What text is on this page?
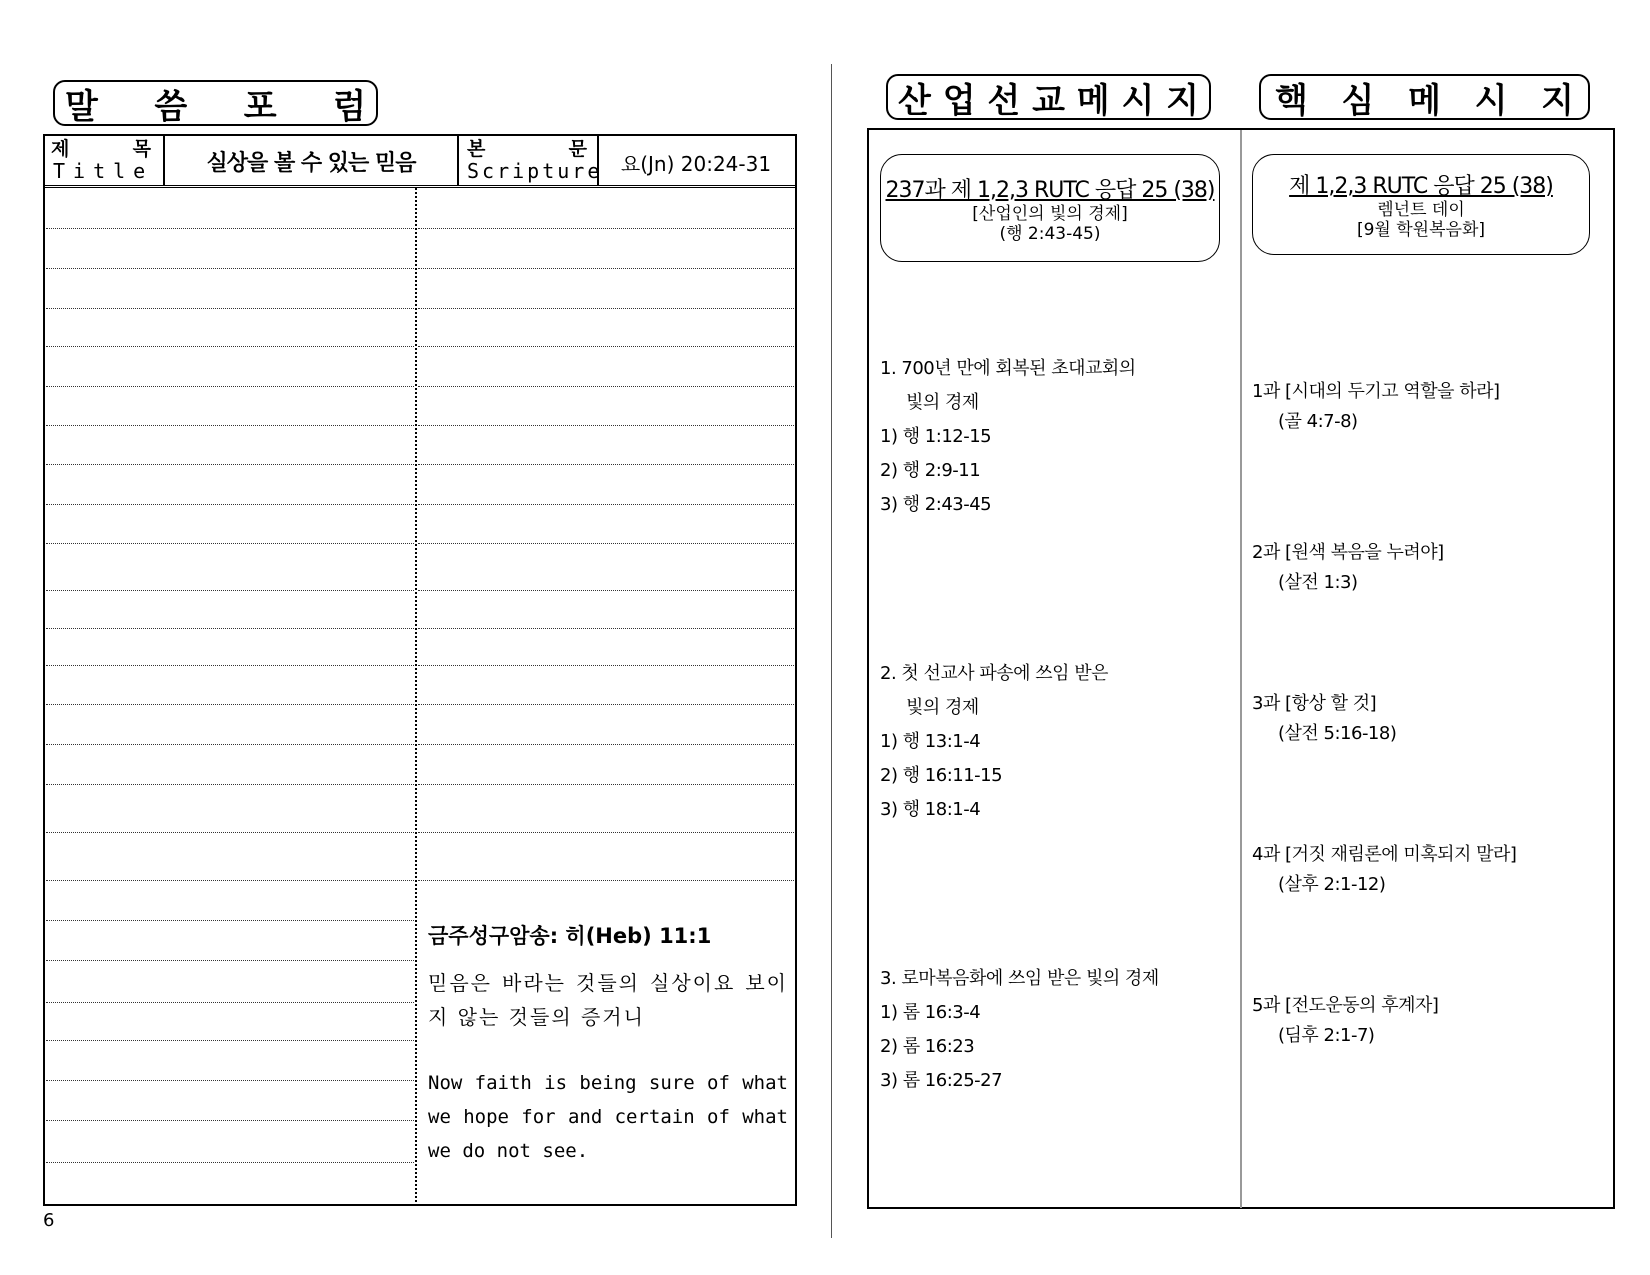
말 씀 포 럼
제	목
Title	실상을 볼 수 있는 믿음
본	문
Scripture 요(Jn) 20:24-31
금주성구암송: 히(Heb) 11:1
믿음은 바라는 것들의 실상이요 보이지 않는 것들의 증거니
Now faith is being sure of what we hope for and certain of what we do not see.
6
산 업 선 교 메 시 지 핵 심 메 시 지
237과 제 1,2,3 RUTC 응답 25 (38)
[산업인의 빛의 경제]
(행 2:43-45)
제 1,2,3 RUTC 응답 25 (38)
렘넌트 데이
[9월 학원복음화]
1. 700년 만에 회복된 초대교회의
빛의 경제
1) 행 1:12-15
2) 행 2:9-11
3) 행 2:43-45
2. 첫 선교사 파송에 쓰임 받은
빛의 경제
1) 행 13:1-4
2) 행 16:11-15
3) 행 18:1-4
3. 로마복음화에 쓰임 받은 빛의 경제
1) 롬 16:3-4
2) 롬 16:23
3) 롬 16:25-27
1과 [시대의 두기고 역할을 하라]
(골 4:7-8)
2과 [원색 복음을 누려야]
(살전 1:3)
3과 [항상 할 것]
(살전 5:16-18)
4과 [거짓 재림론에 미혹되지 말라]
(살후 2:1-12)
5과 [전도운동의 후계자]
(딤후 2:1-7)
